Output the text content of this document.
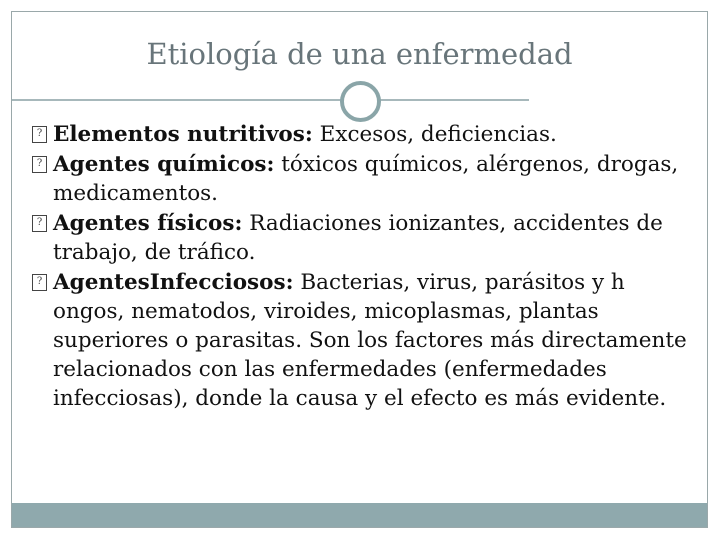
Etiología de una enfermedad
? Elementos nutritivos: Excesos, deficiencias.
? Agentes químicos: tóxicos químicos, alérgenos, drogas, medicamentos.
? Agentes físicos: Radiaciones ionizantes, accidentes de trabajo, de tráfico.
? AgentesInfecciosos: Bacterias, virus, parásitos y h ongos, nematodos, viroides, micoplasmas, plantas superiores o parasitas. Son los factores más directamente relacionados con las enfermedades (enfermedades infecciosas), donde la causa y el efecto es más evidente.
